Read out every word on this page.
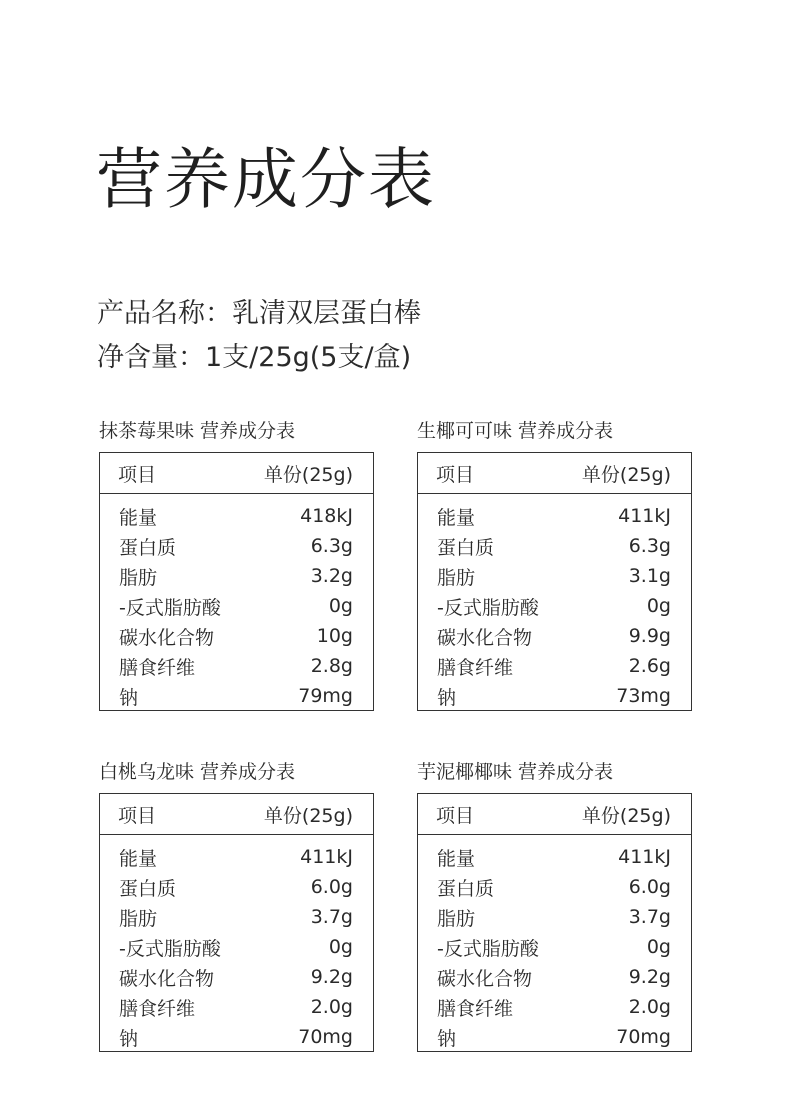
营养成分表
产品名称：乳清双层蛋白棒
净含量：1支/25g(5支/盒)
抹茶莓果味 营养成分表
项目	单份(25g)
能量	418kJ
蛋白质	6.3g
脂肪	3.2g
-反式脂肪酸	0g
碳水化合物	10g
膳食纤维	2.8g
钠	79mg
生椰可可味 营养成分表
项目	单份(25g)
能量	411kJ
蛋白质	6.3g
脂肪	3.1g
-反式脂肪酸	0g
碳水化合物	9.9g
膳食纤维	2.6g
钠	73mg
白桃乌龙味 营养成分表
项目	单份(25g)
能量	411kJ
蛋白质	6.0g
脂肪	3.7g
-反式脂肪酸	0g
碳水化合物	9.2g
膳食纤维	2.0g
钠	70mg
芋泥椰椰味 营养成分表
项目	单份(25g)
能量	411kJ
蛋白质	6.0g
脂肪	3.7g
-反式脂肪酸	0g
碳水化合物	9.2g
膳食纤维	2.0g
钠	70mg
